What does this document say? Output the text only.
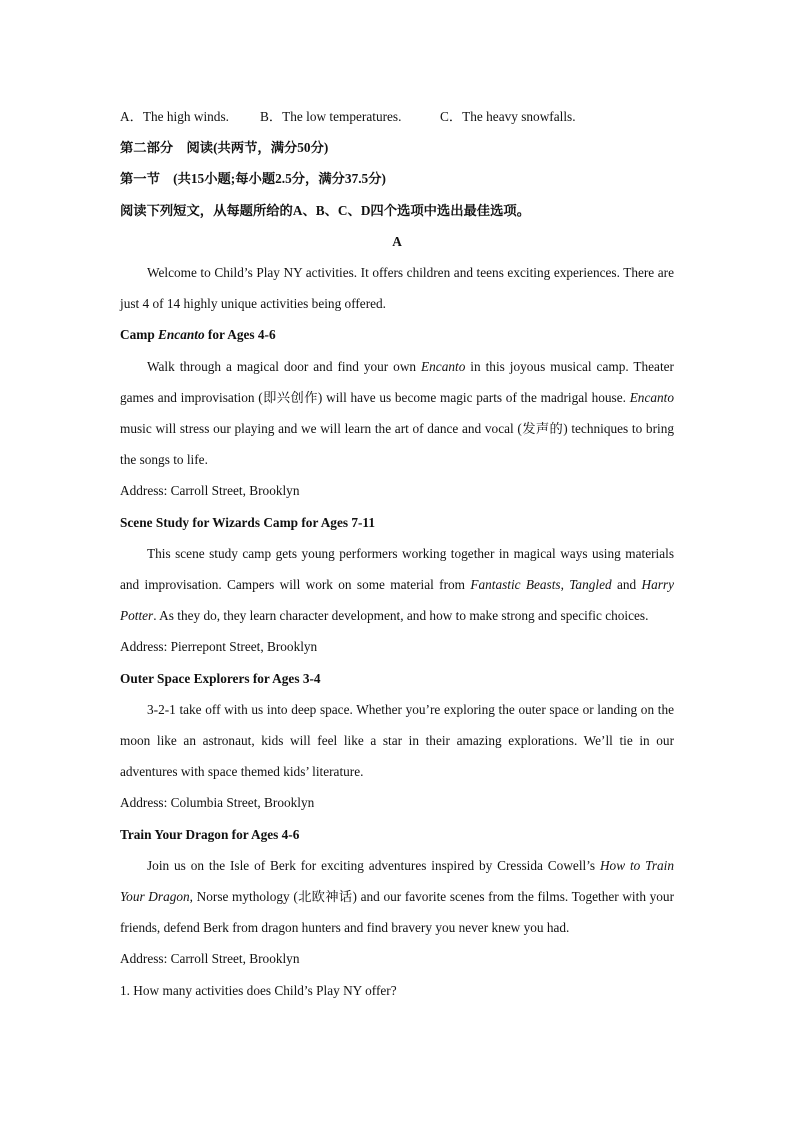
A．The high winds.	B．The low temperatures.	C．The heavy snowfalls.
第二部分　阅读(共两节，满分50分)
第一节　(共15小题;每小题2.5分，满分37.5分)
阅读下列短文，从每题所给的A、B、C、D四个选项中选出最佳选项。
A
Welcome to Child’s Play NY activities. It offers children and teens exciting experiences. There are just 4 of 14 highly unique activities being offered.
Camp Encanto for Ages 4-6
Walk through a magical door and find your own Encanto in this joyous musical camp. Theater games and improvisation (即兴创作) will have us become magic parts of the madrigal house. Encanto music will stress our playing and we will learn the art of dance and vocal (发声的) techniques to bring the songs to life.
Address: Carroll Street, Brooklyn
Scene Study for Wizards Camp for Ages 7-11
This scene study camp gets young performers working together in magical ways using materials and improvisation. Campers will work on some material from Fantastic Beasts, Tangled and Harry Potter. As they do, they learn character development, and how to make strong and specific choices.
Address: Pierrepont Street, Brooklyn
Outer Space Explorers for Ages 3-4
3-2-1 take off with us into deep space. Whether you’re exploring the outer space or landing on the moon like an astronaut, kids will feel like a star in their amazing explorations. We’ll tie in our adventures with space themed kids’ literature.
Address: Columbia Street, Brooklyn
Train Your Dragon for Ages 4-6
Join us on the Isle of Berk for exciting adventures inspired by Cressida Cowell’s How to Train Your Dragon, Norse mythology (北欧神话) and our favorite scenes from the films. Together with your friends, defend Berk from dragon hunters and find bravery you never knew you had.
Address: Carroll Street, Brooklyn
1. How many activities does Child’s Play NY offer?
